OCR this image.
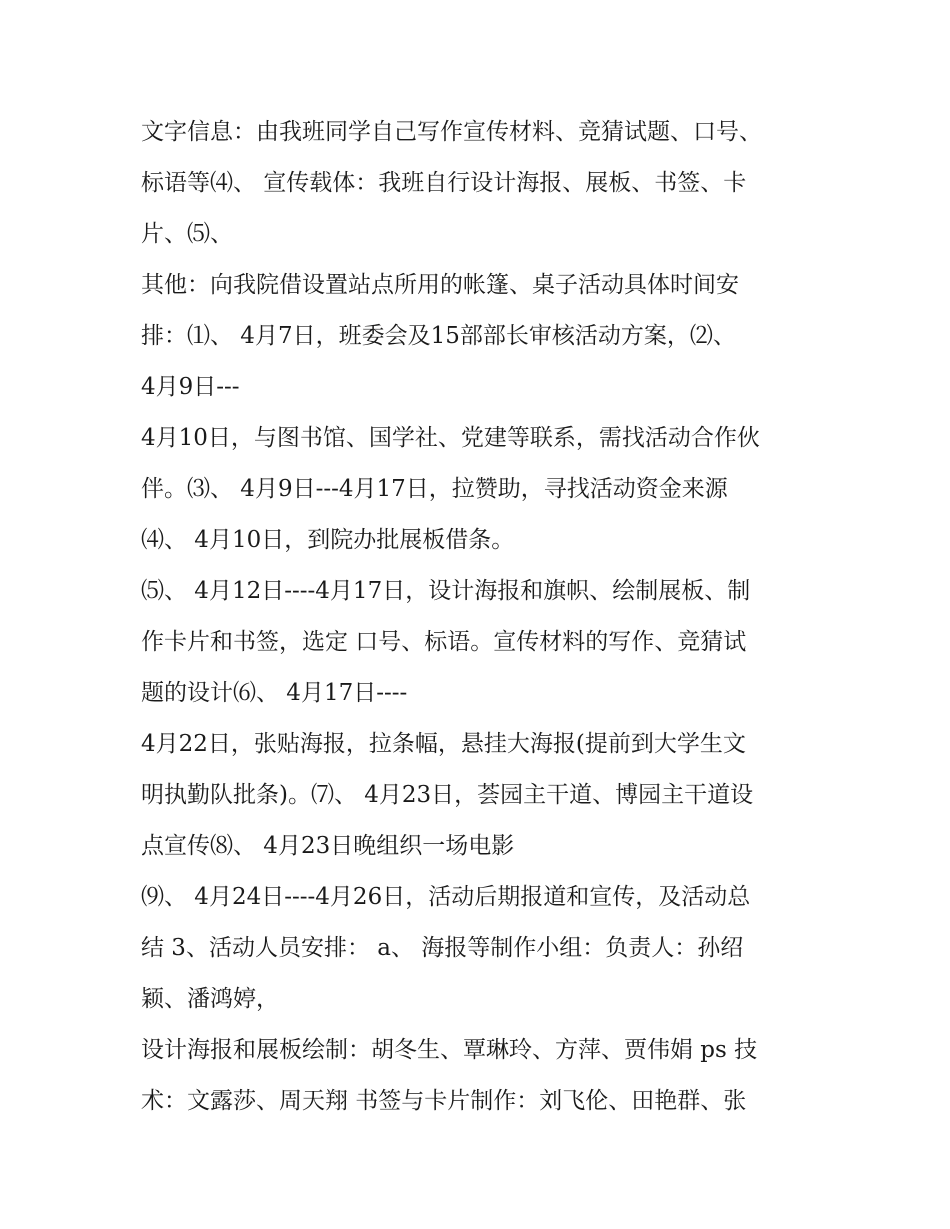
文字信息：由我班同学自己写作宣传材料、竞猜试题、口号、
标语等⑷、 宣传载体：我班自行设计海报、展板、书签、卡
片、⑸、
其他：向我院借设置站点所用的帐篷、桌子活动具体时间安
排：⑴、 4月7日，班委会及15部部长审核活动方案，⑵、
4月9日---
4月10日，与图书馆、国学社、党建等联系，需找活动合作伙
伴。⑶、 4月9日---4月17日，拉赞助，寻找活动资金来源
⑷、 4月10日，到院办批展板借条。
⑸、 4月12日----4月17日，设计海报和旗帜、绘制展板、制
作卡片和书签，选定 口号、标语。宣传材料的写作、竞猜试
题的设计⑹、 4月17日----
4月22日，张贴海报，拉条幅，悬挂大海报(提前到大学生文
明执勤队批条)。⑺、 4月23日，荟园主干道、博园主干道设
点宣传⑻、 4月23日晚组织一场电影
⑼、 4月24日----4月26日，活动后期报道和宣传，及活动总
结 3、活动人员安排： a、 海报等制作小组：负责人：孙绍
颖、潘鸿婷，
设计海报和展板绘制：胡冬生、覃琳玲、方萍、贾伟娟 ps 技
术：文露莎、周天翔 书签与卡片制作：刘飞伦、田艳群、张
